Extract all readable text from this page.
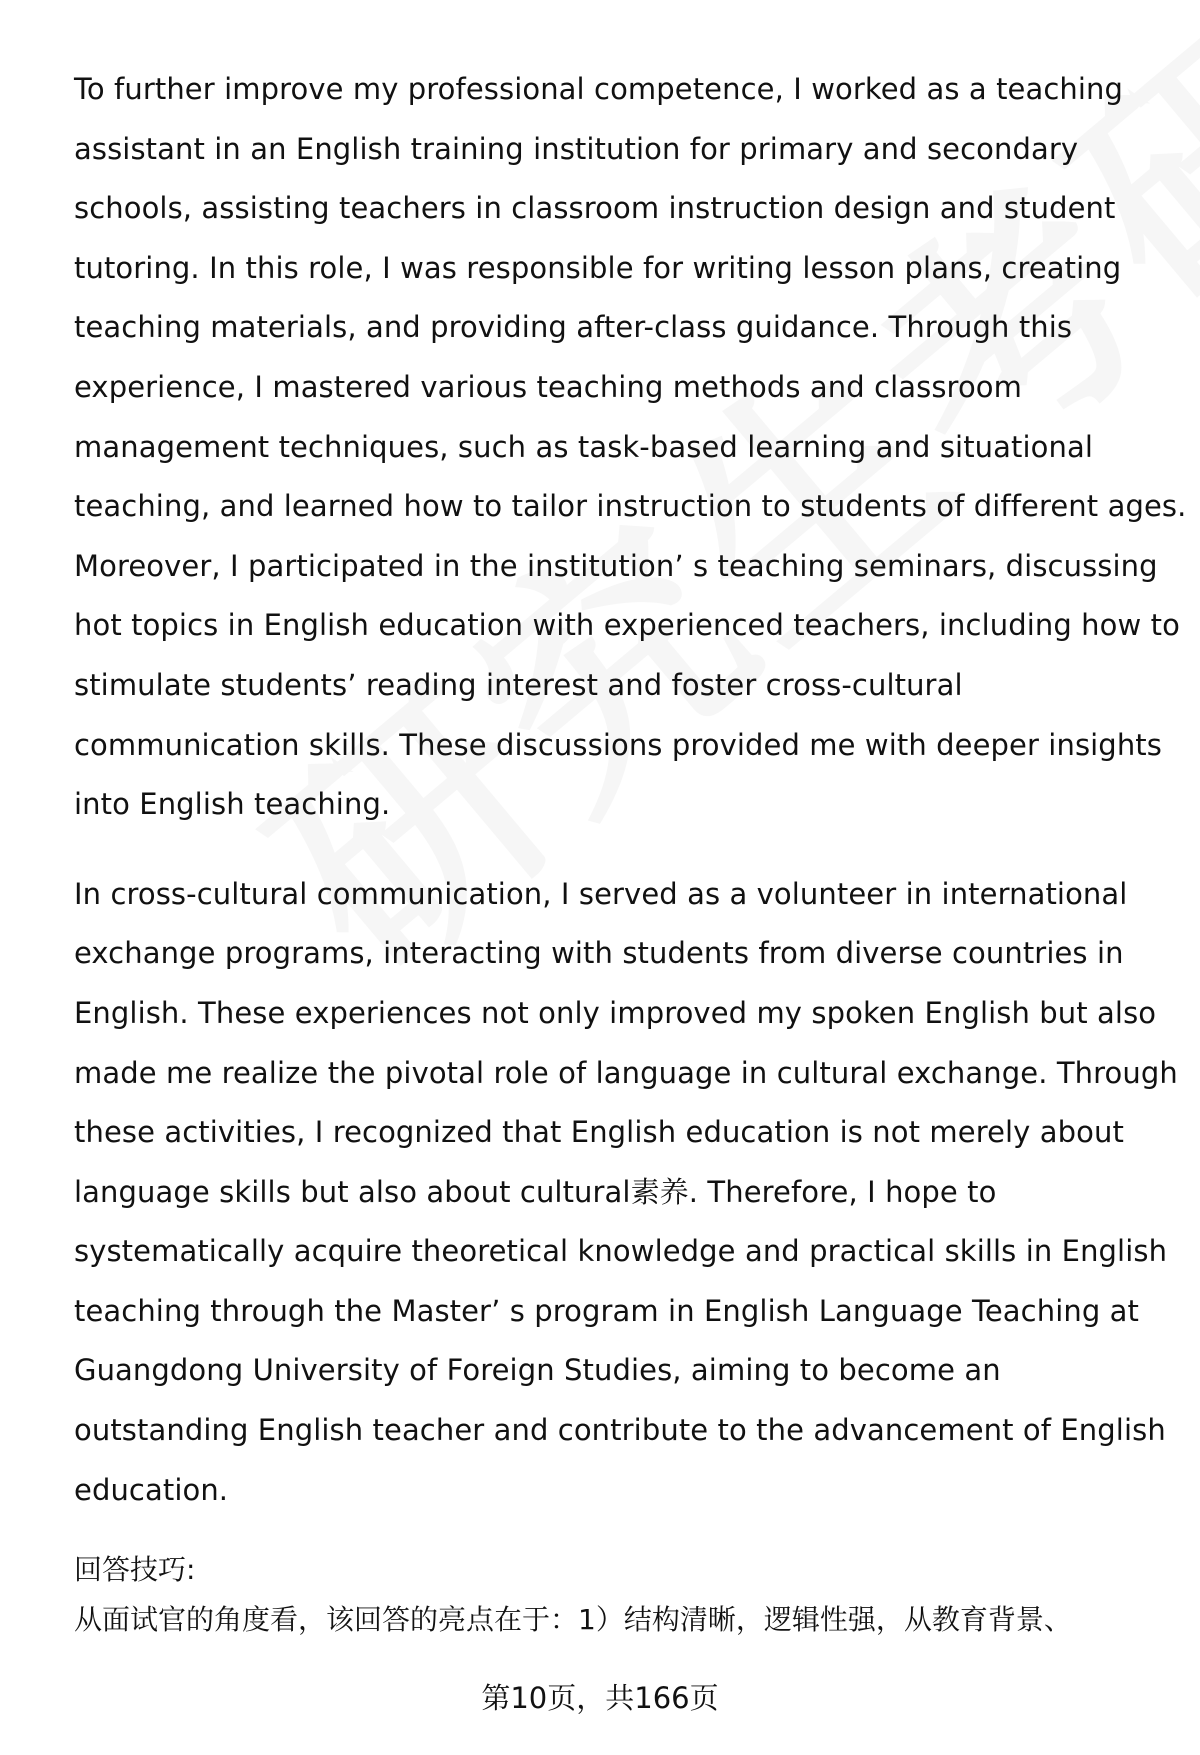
To further improve my professional competence, I worked as a teaching
assistant in an English training institution for primary and secondary
schools, assisting teachers in classroom instruction design and student
tutoring. In this role, I was responsible for writing lesson plans, creating
teaching materials, and providing after-class guidance. Through this
experience, I mastered various teaching methods and classroom
management techniques, such as task-based learning and situational
teaching, and learned how to tailor instruction to students of different ages.
Moreover, I participated in the institution’ s teaching seminars, discussing
hot topics in English education with experienced teachers, including how to
stimulate students’ reading interest and foster cross-cultural
communication skills. These discussions provided me with deeper insights
into English teaching.

In cross-cultural communication, I served as a volunteer in international
exchange programs, interacting with students from diverse countries in
English. These experiences not only improved my spoken English but also
made me realize the pivotal role of language in cultural exchange. Through
these activities, I recognized that English education is not merely about
language skills but also about cultural素养. Therefore, I hope to
systematically acquire theoretical knowledge and practical skills in English
teaching through the Master’ s program in English Language Teaching at
Guangdong University of Foreign Studies, aiming to become an
outstanding English teacher and contribute to the advancement of English
education.

回答技巧:
从面试官的角度看，该回答的亮点在于：1）结构清晰，逻辑性强，从教育背景、
第10页，共166页
